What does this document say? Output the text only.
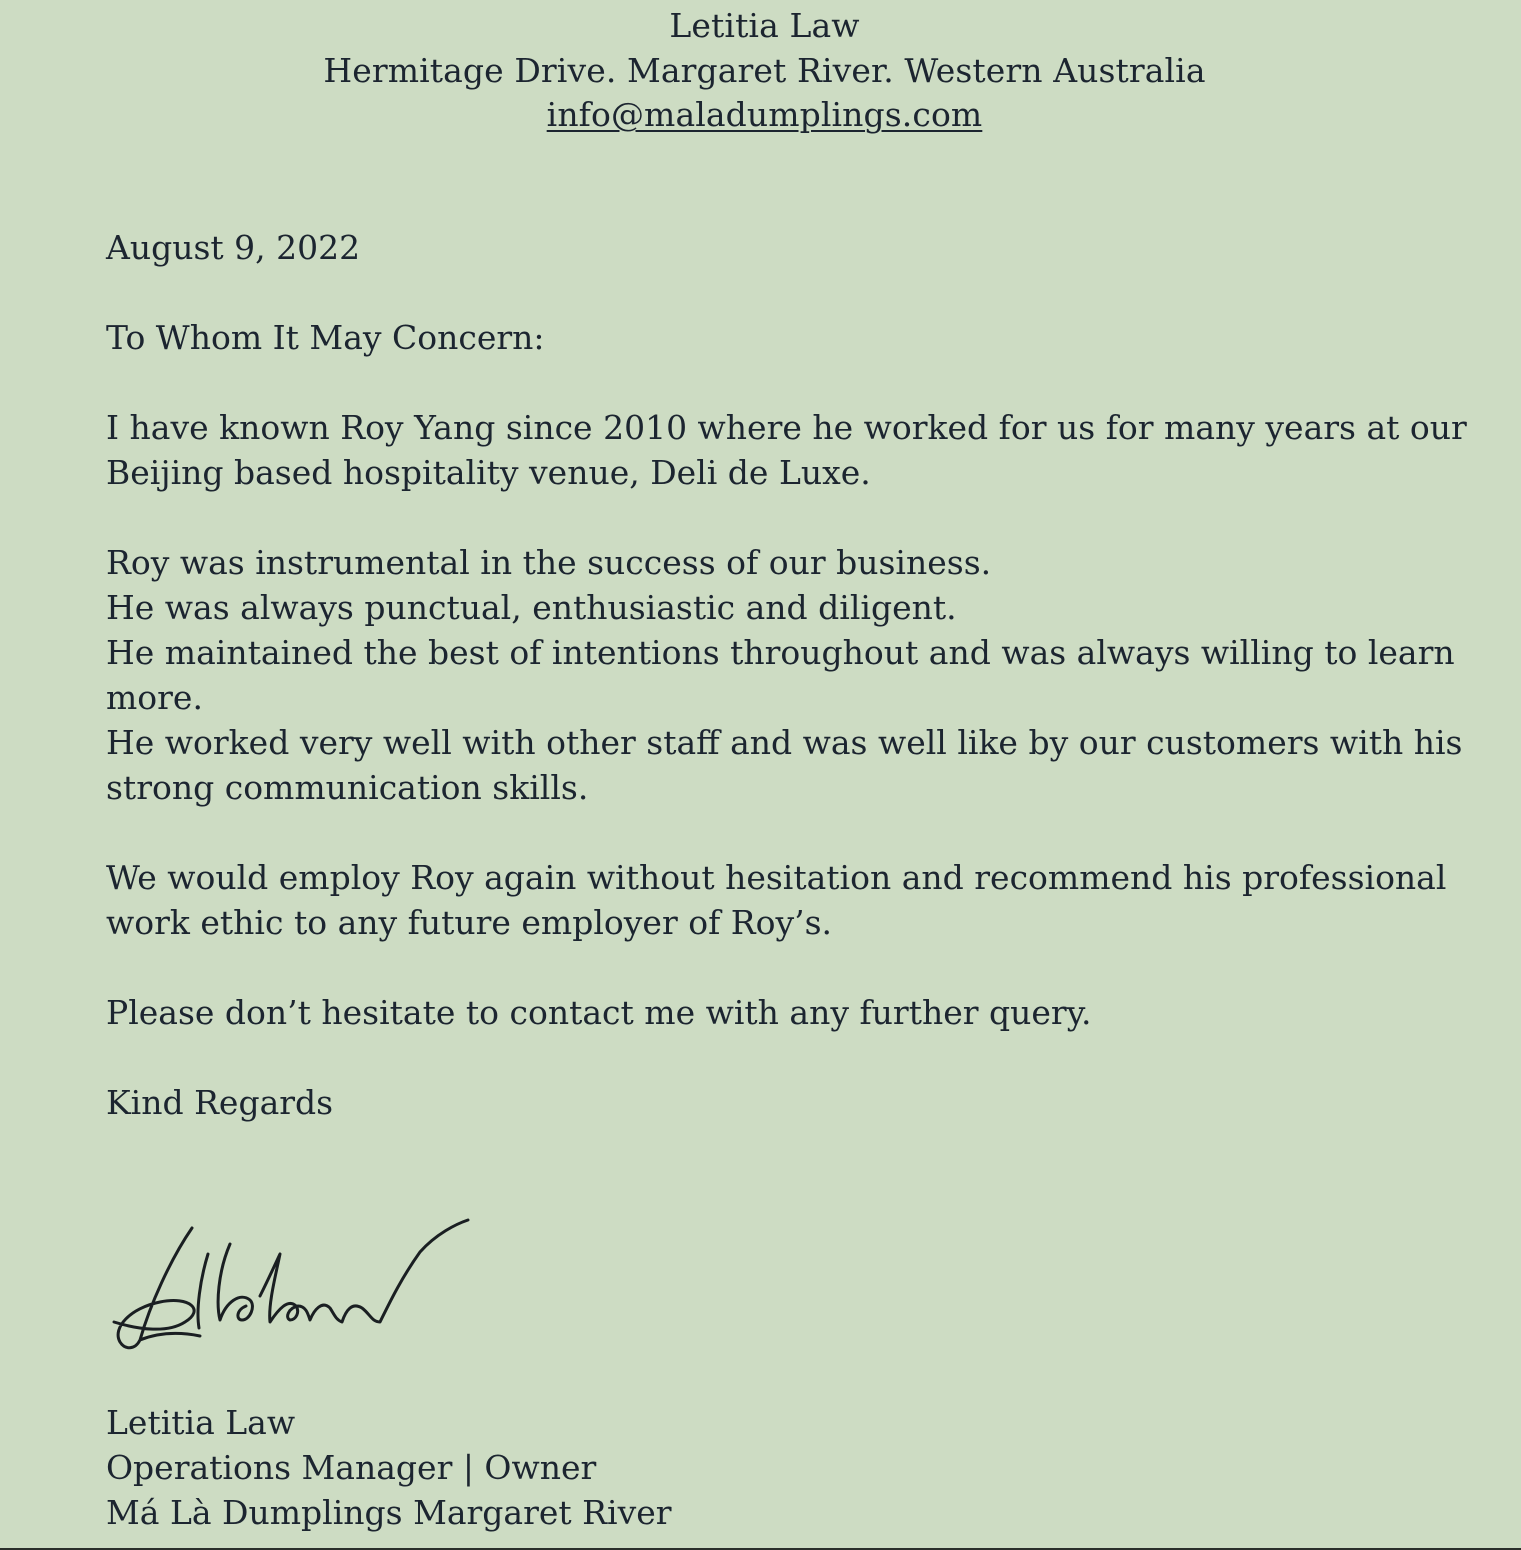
Letitia Law
Hermitage Drive. Margaret River. Western Australia
info@maladumplings.com

August 9, 2022

To Whom It May Concern:

I have known Roy Yang since 2010 where he worked for us for many years at our Beijing based hospitality venue, Deli de Luxe.

Roy was instrumental in the success of our business.

He was always punctual, enthusiastic and diligent.

He maintained the best of intentions throughout and was always willing to learn more.

He worked very well with other staff and was well like by our customers with his strong communication skills.

We would employ Roy again without hesitation and recommend his professional work ethic to any future employer of Roy’s.

Please don’t hesitate to contact me with any further query.

Kind Regards

Letitia Law

Operations Manager | Owner

Má Là Dumplings Margaret River
